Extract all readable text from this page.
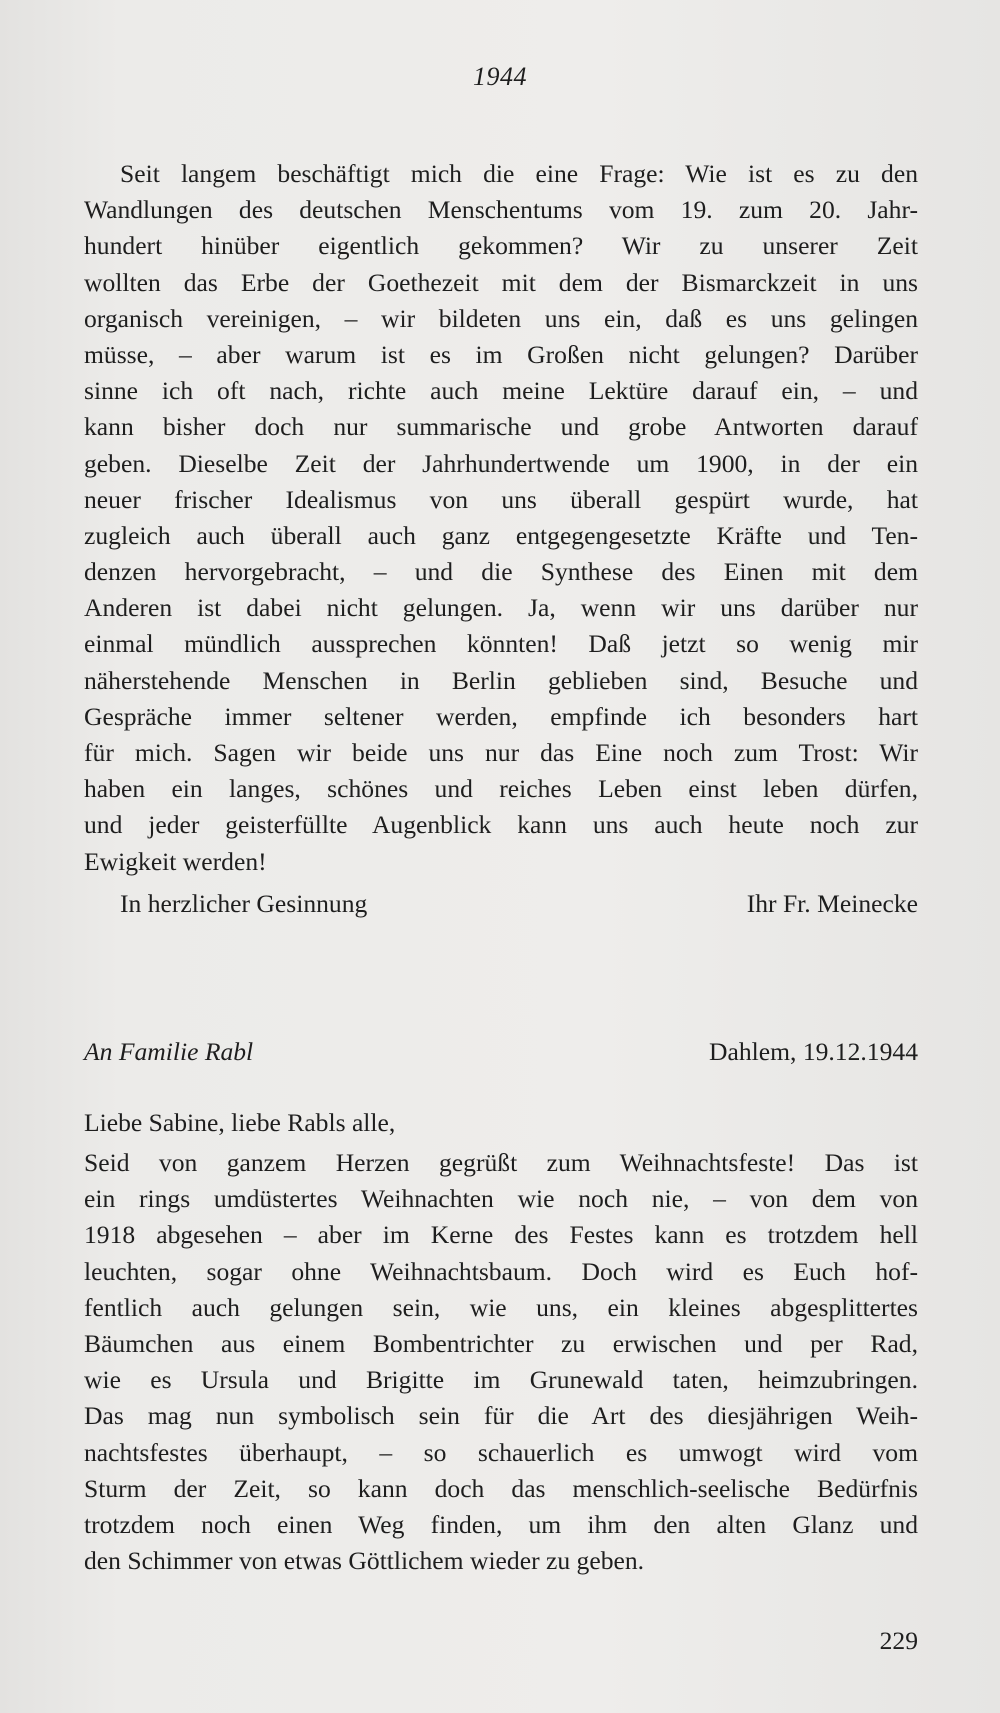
1944
Seit langem beschäftigt mich die eine Frage: Wie ist es zu den
Wandlungen des deutschen Menschentums vom 19. zum 20. Jahr-
hundert hinüber eigentlich gekommen? Wir zu unserer Zeit
wollten das Erbe der Goethezeit mit dem der Bismarckzeit in uns
organisch vereinigen, – wir bildeten uns ein, daß es uns gelingen
müsse, – aber warum ist es im Großen nicht gelungen? Darüber
sinne ich oft nach, richte auch meine Lektüre darauf ein, – und
kann bisher doch nur summarische und grobe Antworten darauf
geben. Dieselbe Zeit der Jahrhundertwende um 1900, in der ein
neuer frischer Idealismus von uns überall gespürt wurde, hat
zugleich auch überall auch ganz entgegengesetzte Kräfte und Ten-
denzen hervorgebracht, – und die Synthese des Einen mit dem
Anderen ist dabei nicht gelungen. Ja, wenn wir uns darüber nur
einmal mündlich aussprechen könnten! Daß jetzt so wenig mir
näherstehende Menschen in Berlin geblieben sind, Besuche und
Gespräche immer seltener werden, empfinde ich besonders hart
für mich. Sagen wir beide uns nur das Eine noch zum Trost: Wir
haben ein langes, schönes und reiches Leben einst leben dürfen,
und jeder geisterfüllte Augenblick kann uns auch heute noch zur
Ewigkeit werden!
In herzlicher Gesinnung	Ihr Fr. Meinecke
An Familie Rabl	Dahlem, 19.12.1944
Liebe Sabine, liebe Rabls alle,
Seid von ganzem Herzen gegrüßt zum Weihnachtsfeste! Das ist
ein rings umdüstertes Weihnachten wie noch nie, – von dem von
1918 abgesehen – aber im Kerne des Festes kann es trotzdem hell
leuchten, sogar ohne Weihnachtsbaum. Doch wird es Euch hof-
fentlich auch gelungen sein, wie uns, ein kleines abgesplittertes
Bäumchen aus einem Bombentrichter zu erwischen und per Rad,
wie es Ursula und Brigitte im Grunewald taten, heimzubringen.
Das mag nun symbolisch sein für die Art des diesjährigen Weih-
nachtsfestes überhaupt, – so schauerlich es umwogt wird vom
Sturm der Zeit, so kann doch das menschlich-seelische Bedürfnis
trotzdem noch einen Weg finden, um ihm den alten Glanz und
den Schimmer von etwas Göttlichem wieder zu geben.
229
